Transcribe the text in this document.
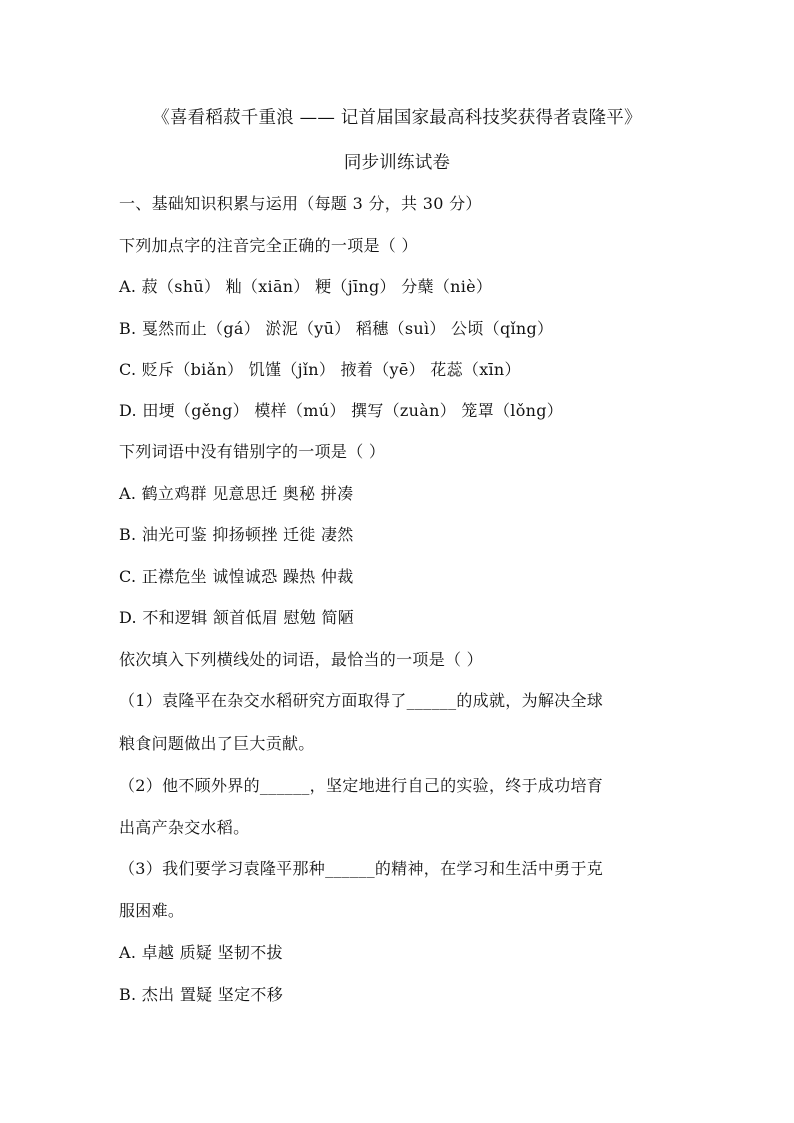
《喜看稻菽千重浪 —— 记首届国家最高科技奖获得者袁隆平》
同步训练试卷
一、基础知识积累与运用（每题 3 分，共 30 分）
下列加点字的注音完全正确的一项是（ ）
A. 菽（shū） 籼（xiān） 粳（jīng） 分蘖（niè）
B. 戛然而止（gá） 淤泥（yū） 稻穗（suì） 公顷（qǐng）
C. 贬斥（biǎn） 饥馑（jǐn） 掖着（yē） 花蕊（xīn）
D. 田埂（gěng） 模样（mú） 撰写（zuàn） 笼罩（lǒng）
下列词语中没有错别字的一项是（ ）
A. 鹤立鸡群 见意思迁 奥秘 拼凑
B. 油光可鉴 抑扬顿挫 迁徙 凄然
C. 正襟危坐 诚惶诚恐 躁热 仲裁
D. 不和逻辑 颔首低眉 慰勉 简陋
依次填入下列横线处的词语，最恰当的一项是（ ）
（1）袁隆平在杂交水稻研究方面取得了______的成就，为解决全球
粮食问题做出了巨大贡献。
（2）他不顾外界的______，坚定地进行自己的实验，终于成功培育
出高产杂交水稻。
（3）我们要学习袁隆平那种______的精神，在学习和生活中勇于克
服困难。
A. 卓越 质疑 坚韧不拔
B. 杰出 置疑 坚定不移
